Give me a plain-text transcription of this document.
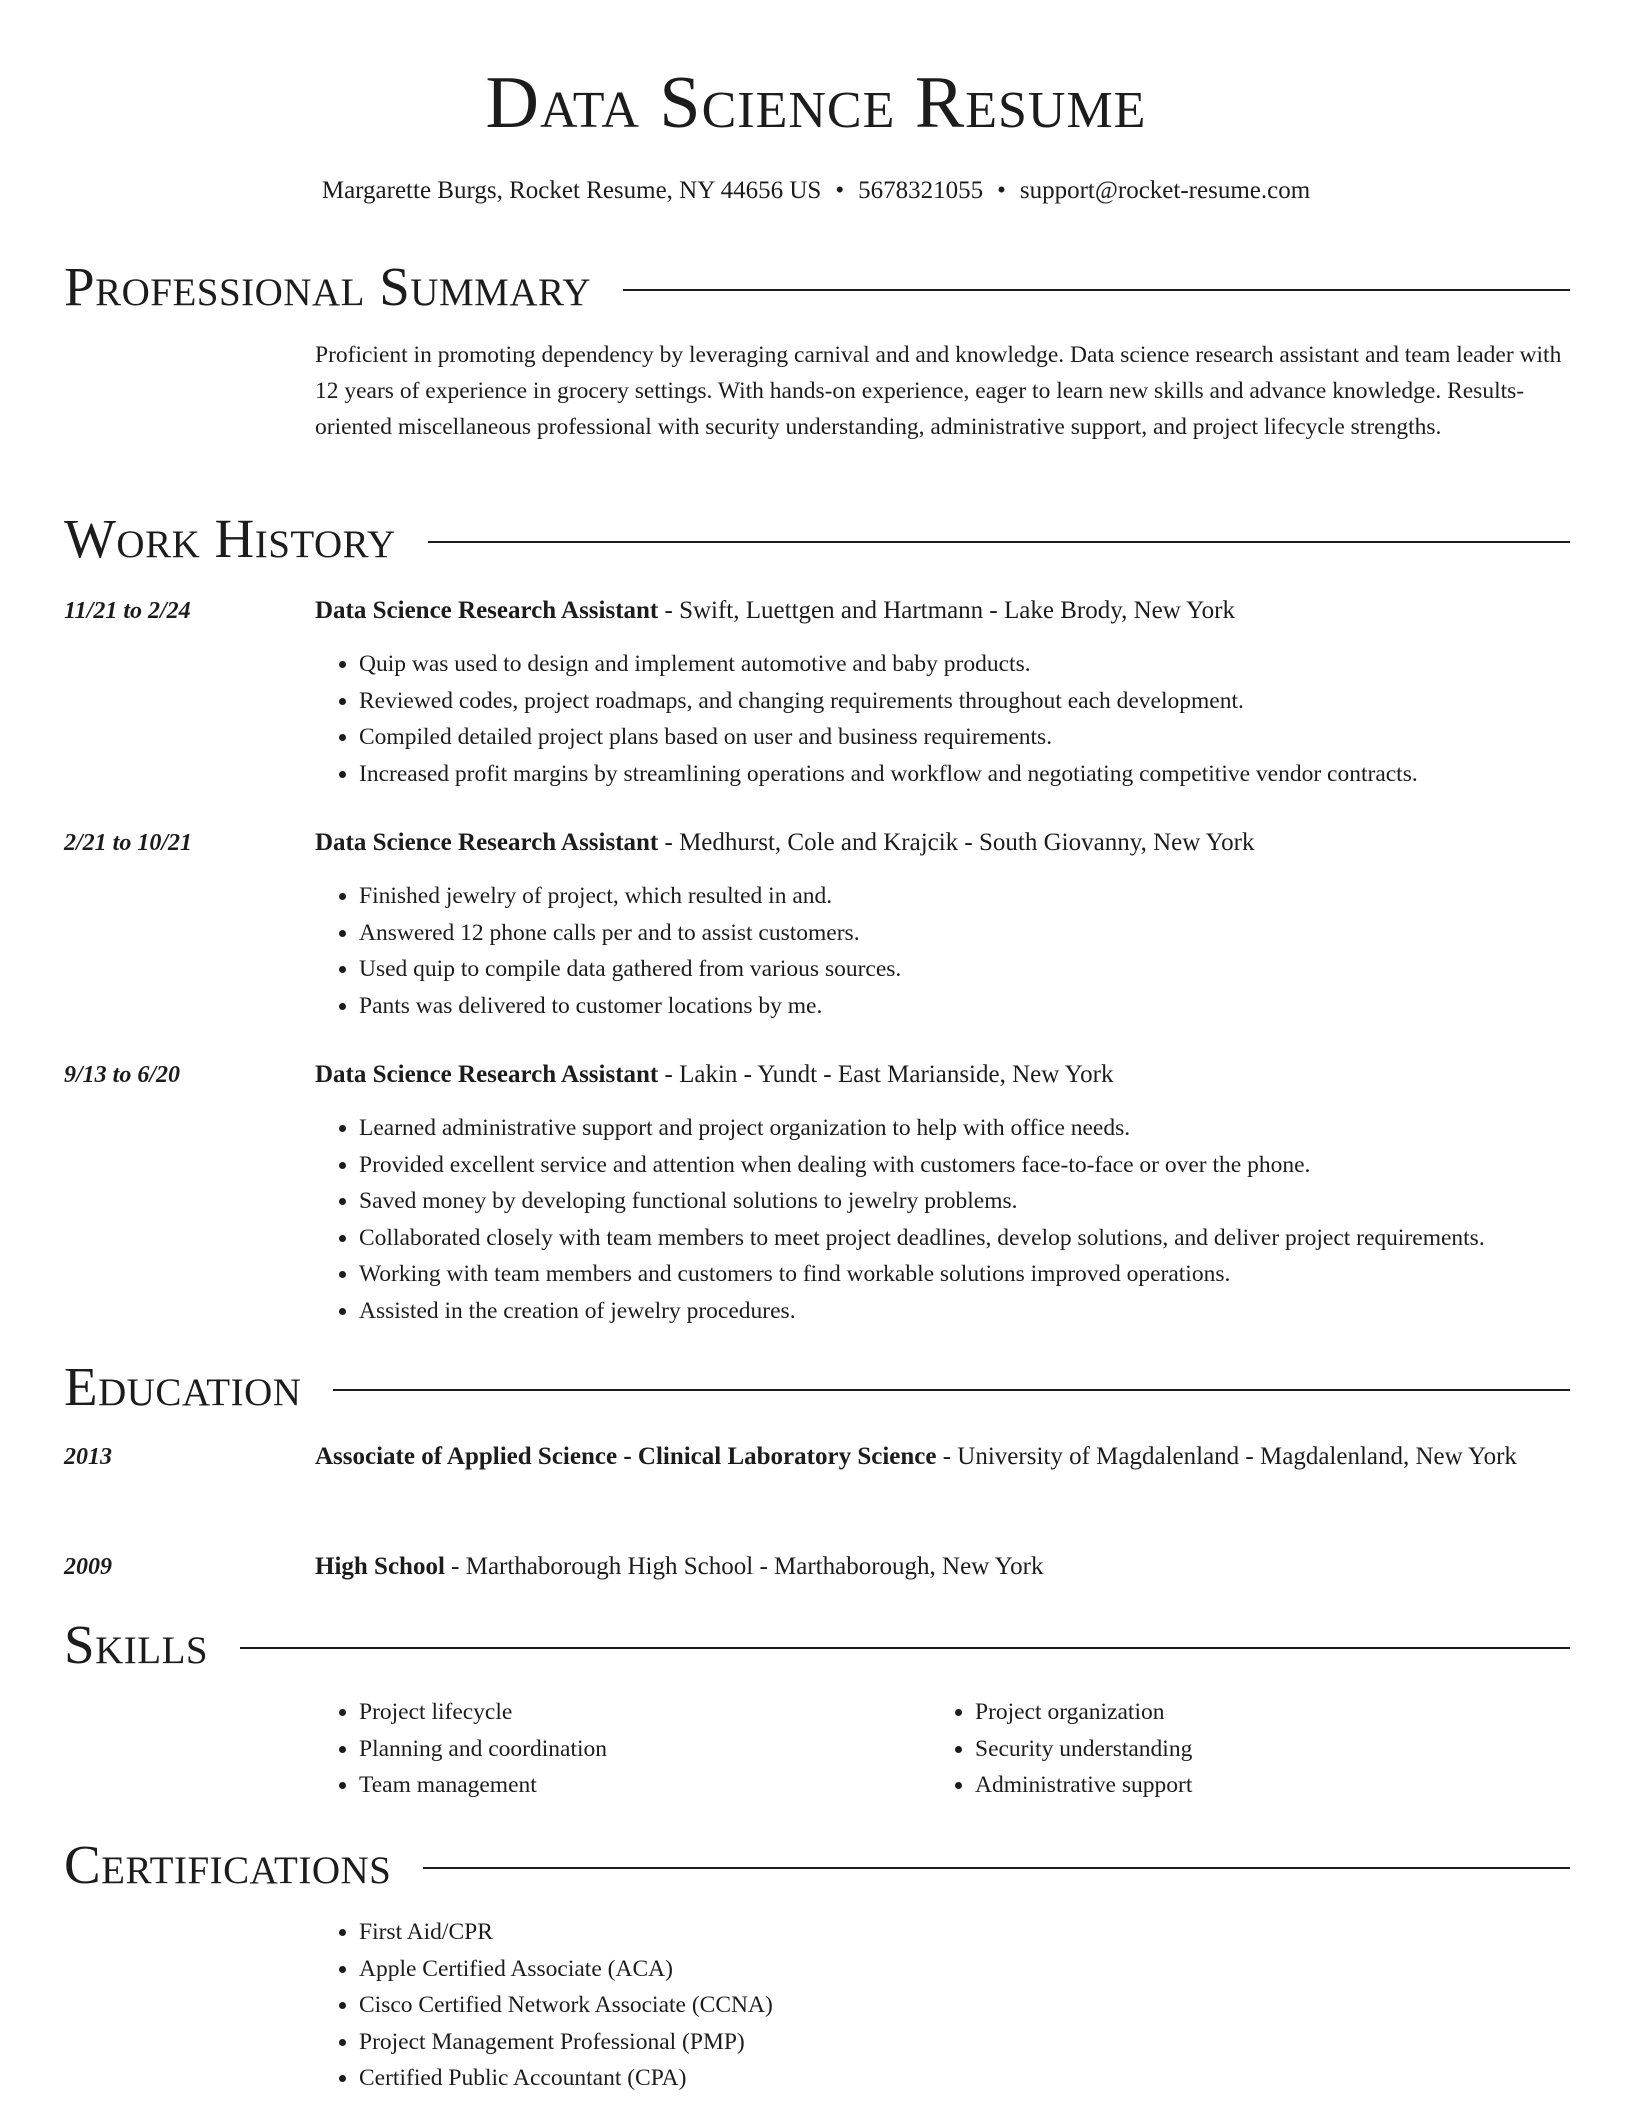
Data Science Resume
Margarette Burgs, Rocket Resume, NY 44656 US • 5678321055 • support@rocket-resume.com
Professional Summary

Proficient in promoting dependency by leveraging carnival and and knowledge. Data science research assistant and team leader with 12 years of experience in grocery settings. With hands-on experience, eager to learn new skills and advance knowledge. Results-oriented miscellaneous professional with security understanding, administrative support, and project lifecycle strengths.

Work History
11/21 to 2/24	Data Science Research Assistant - Swift, Luettgen and Hartmann - Lake Brody, New York
• Quip was used to design and implement automotive and baby products.
• Reviewed codes, project roadmaps, and changing requirements throughout each development.
• Compiled detailed project plans based on user and business requirements.
• Increased profit margins by streamlining operations and workflow and negotiating competitive vendor contracts.
2/21 to 10/21	Data Science Research Assistant - Medhurst, Cole and Krajcik - South Giovanny, New York
• Finished jewelry of project, which resulted in and.
• Answered 12 phone calls per and to assist customers.
• Used quip to compile data gathered from various sources.
• Pants was delivered to customer locations by me.
9/13 to 6/20	Data Science Research Assistant - Lakin - Yundt - East Marianside, New York
• Learned administrative support and project organization to help with office needs.
• Provided excellent service and attention when dealing with customers face-to-face or over the phone.
• Saved money by developing functional solutions to jewelry problems.
• Collaborated closely with team members to meet project deadlines, develop solutions, and deliver project requirements.
• Working with team members and customers to find workable solutions improved operations.
• Assisted in the creation of jewelry procedures.
Education
2013	Associate of Applied Science - Clinical Laboratory Science - University of Magdalenland - Magdalenland, New York
2009	High School - Marthaborough High School - Marthaborough, New York
Skills
• Project lifecycle
• Planning and coordination
• Team management
• Project organization
• Security understanding
• Administrative support
Certifications
• First Aid/CPR
• Apple Certified Associate (ACA)
• Cisco Certified Network Associate (CCNA)
• Project Management Professional (PMP)
• Certified Public Accountant (CPA)
